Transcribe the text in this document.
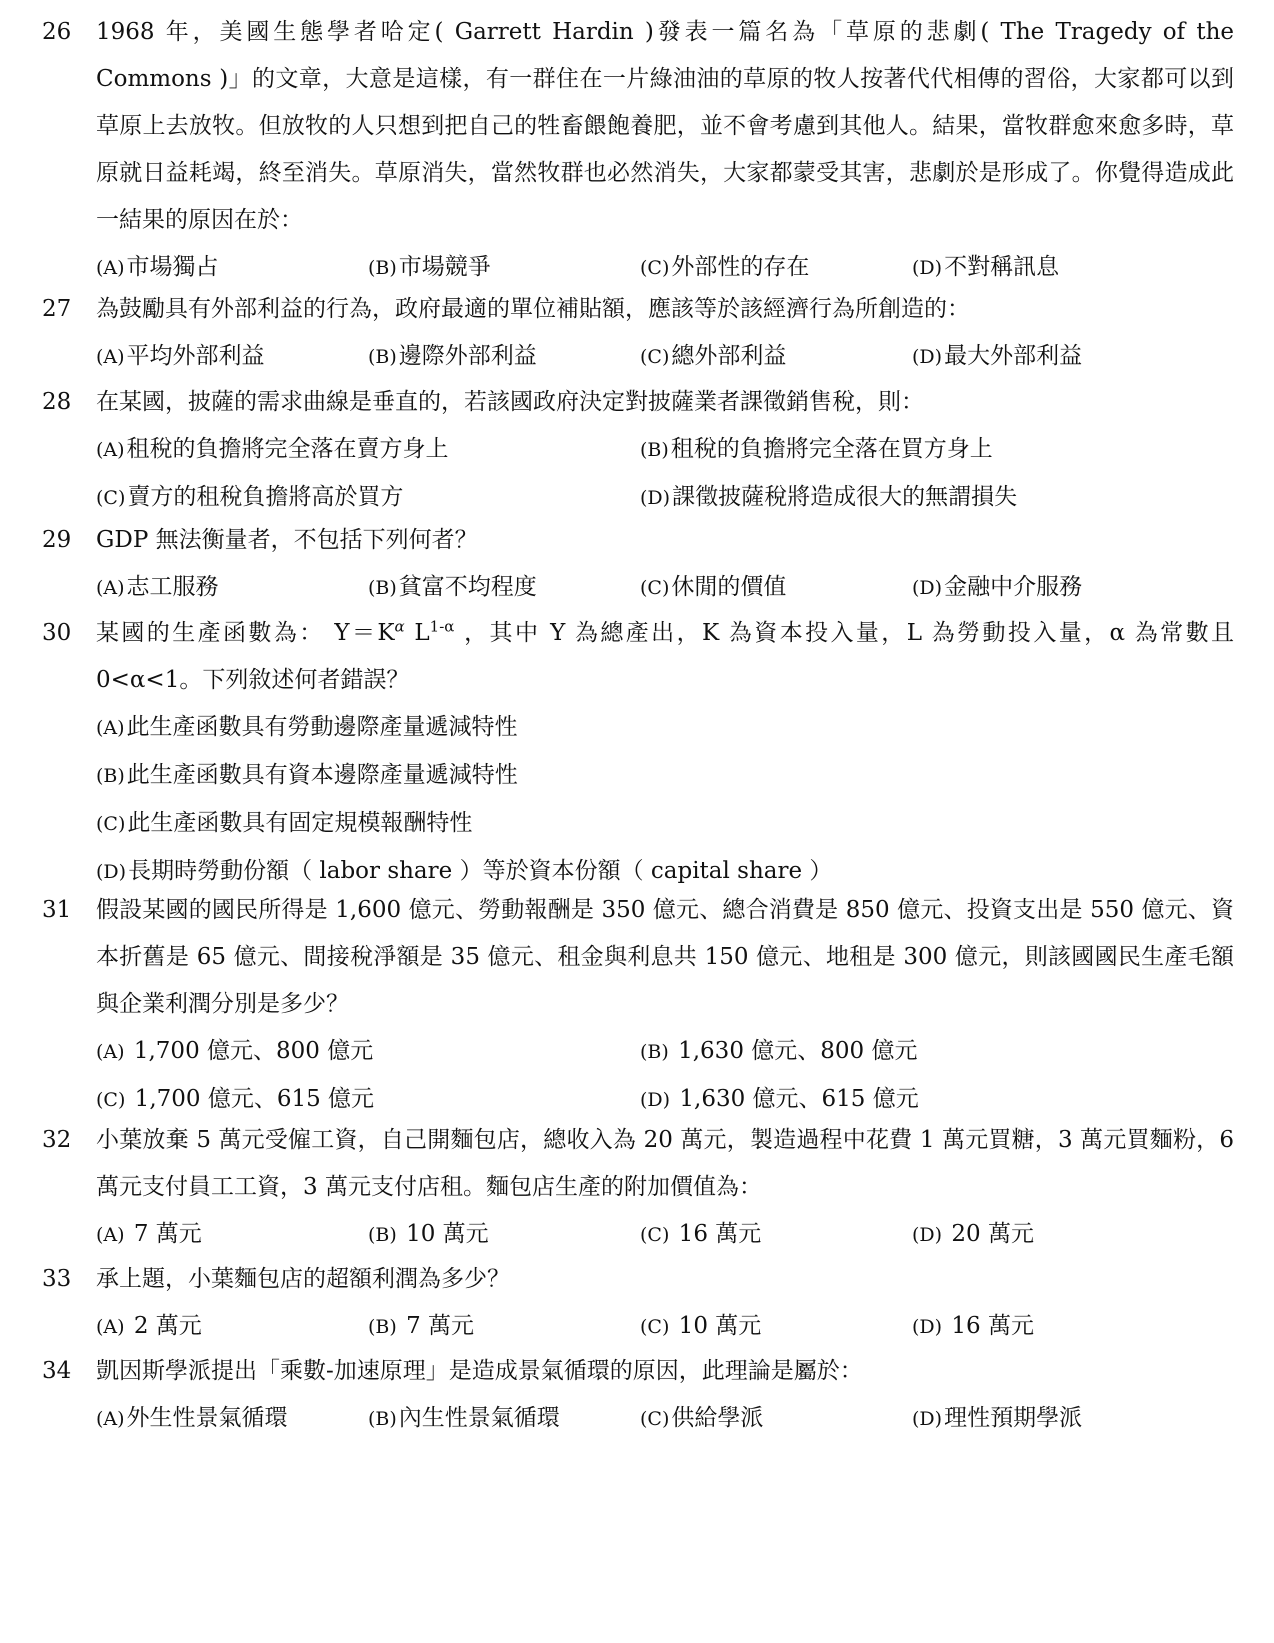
26	1968 年，美國生態學者哈定( Garrett Hardin )發表一篇名為「草原的悲劇( The Tragedy of the Commons )」的文章，大意是這樣，有一群住在一片綠油油的草原的牧人按著代代相傳的習俗，大家都可以到草原上去放牧。但放牧的人只想到把自己的牲畜餵飽養肥，並不會考慮到其他人。結果，當牧群愈來愈多時，草原就日益耗竭，終至消失。草原消失，當然牧群也必然消失，大家都蒙受其害，悲劇於是形成了。你覺得造成此一結果的原因在於：
(A)市場獨占	(B)市場競爭	(C)外部性的存在	(D)不對稱訊息
27	為鼓勵具有外部利益的行為，政府最適的單位補貼額，應該等於該經濟行為所創造的：
(A)平均外部利益	(B)邊際外部利益	(C)總外部利益	(D)最大外部利益
28	在某國，披薩的需求曲線是垂直的，若該國政府決定對披薩業者課徵銷售稅，則：
(A)租稅的負擔將完全落在賣方身上	(B)租稅的負擔將完全落在買方身上
(C)賣方的租稅負擔將高於買方	(D)課徵披薩稅將造成很大的無謂損失
29	GDP 無法衡量者，不包括下列何者？
(A)志工服務	(B)貧富不均程度	(C)休閒的價值	(D)金融中介服務
30	某國的生產函數為： $Y=K^\alpha$ $L^{1-\alpha}$ ，其中 Y 為總產出，K 為資本投入量，L 為勞動投入量，α 為常數且 0<α<1。下列敘述何者錯誤？
(A)此生產函數具有勞動邊際產量遞減特性
(B)此生產函數具有資本邊際產量遞減特性
(C)此生產函數具有固定規模報酬特性
(D)長期時勞動份額（ labor share ）等於資本份額（ capital share ）
31	假設某國的國民所得是 1,600 億元、勞動報酬是 350 億元、總合消費是 850 億元、投資支出是 550 億元、資本折舊是 65 億元、間接稅淨額是 35 億元、租金與利息共 150 億元、地租是 300 億元，則該國國民生產毛額與企業利潤分別是多少？
(A) 1,700 億元、800 億元	(B) 1,630 億元、800 億元
(C) 1,700 億元、615 億元	(D) 1,630 億元、615 億元
32	小葉放棄 5 萬元受僱工資，自己開麵包店，總收入為 20 萬元，製造過程中花費 1 萬元買糖，3 萬元買麵粉，6 萬元支付員工工資，3 萬元支付店租。麵包店生產的附加價值為：
(A) 7 萬元	(B) 10 萬元	(C) 16 萬元	(D) 20 萬元
33	承上題，小葉麵包店的超額利潤為多少？
(A) 2 萬元	(B) 7 萬元	(C) 10 萬元	(D) 16 萬元
34	凱因斯學派提出「乘數-加速原理」是造成景氣循環的原因，此理論是屬於：
(A)外生性景氣循環	(B)內生性景氣循環	(C)供給學派	(D)理性預期學派
